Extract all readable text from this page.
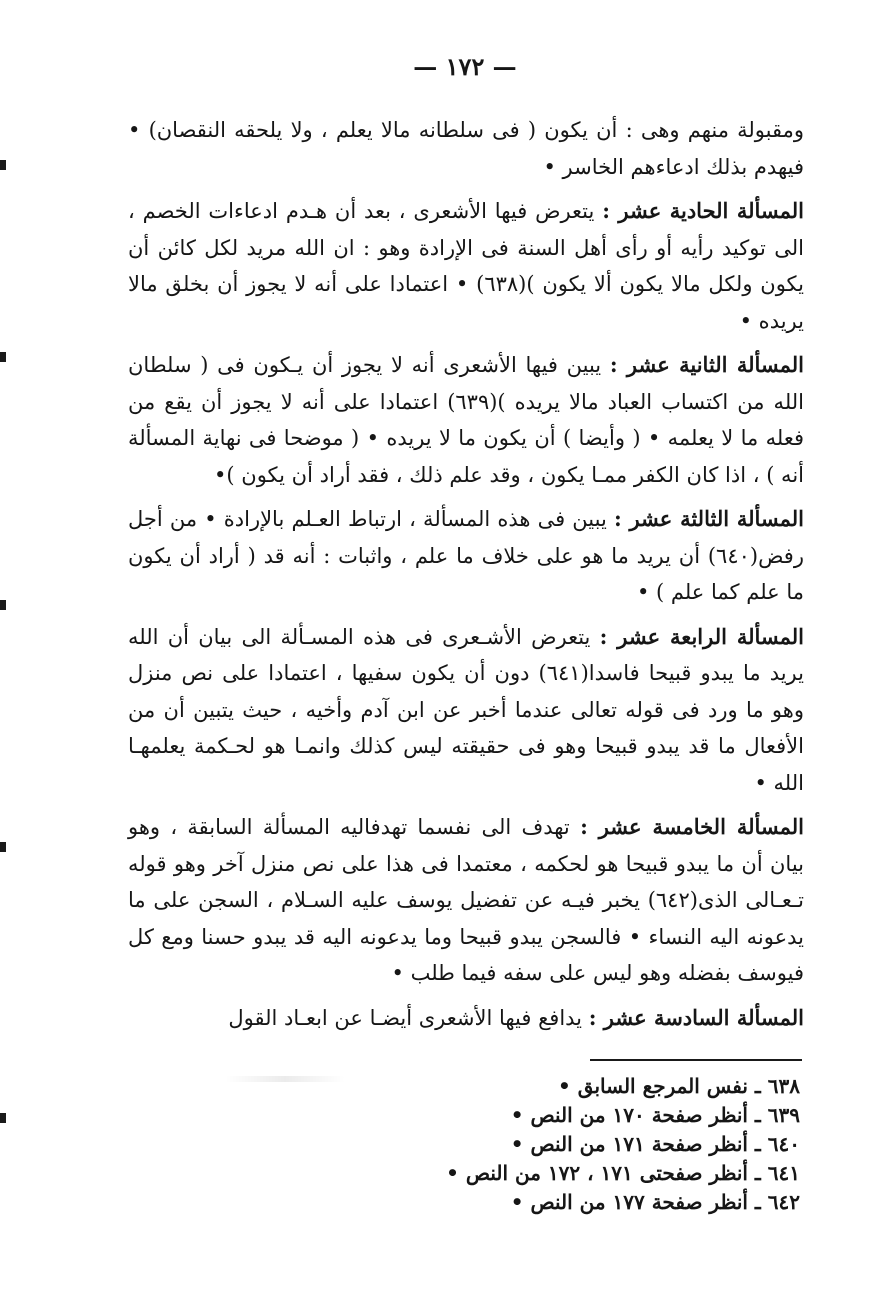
— ١٧٢ —

ومقبولة منهم وهى : أن يكون ( فى سلطانه مالا يعلم ، ولا يلحقه النقصان) • فيهدم بذلك ادعاءهم الخاسر •

المسألة الحادية عشر : يتعرض فيها الأشعرى ، بعد أن هـدم ادعاءات الخصم ، الى توكيد رأيه أو رأى أهل السنة فى الإرادة وهو : ان الله مريد لكل كائن أن يكون ولكل مالا يكون ألا يكون )(٦٣٨) • اعتمادا على أنه لا يجوز أن بخلق مالا يريده •

المسألة الثانية عشر : يبين فيها الأشعرى أنه لا يجوز أن يـكون فى ( سلطان الله من اكتساب العباد مالا يريده )(٦٣٩) اعتمادا على أنه لا يجوز أن يقع من فعله ما لا يعلمه • ( وأيضا ) أن يكون ما لا يريده • ( موضحا فى نهاية المسألة أنه ) ، اذا كان الكفر ممـا يكون ، وقد علم ذلك ، فقد أراد أن يكون )•

المسألة الثالثة عشر : يبين فى هذه المسألة ، ارتباط العـلم بالإرادة • من أجل رفض(٦٤٠) أن يريد ما هو على خلاف ما علم ، واثبات : أنه قد ( أراد أن يكون ما علم كما علم ) •

المسألة الرابعة عشر : يتعرض الأشـعرى فى هذه المسـألة الى بيان أن الله يريد ما يبدو قبيحا فاسدا(٦٤١) دون أن يكون سفيها ، اعتمادا على نص منزل وهو ما ورد فى قوله تعالى عندما أخبر عن ابن آدم وأخيه ، حيث يتبين أن من الأفعال ما قد يبدو قبيحا وهو فى حقيقته ليس كذلك وانمـا هو لحـكمة يعلمهـا الله •

المسألة الخامسة عشر : تهدف الى نفسما تهدفاليه المسألة السابقة ، وهو بيان أن ما يبدو قبيحا هو لحكمه ، معتمدا فى هذا على نص منزل آخر وهو قوله تـعـالى الذى(٦٤٢) يخبر فيـه عن تفضيل يوسف عليه السـلام ، السجن على ما يدعونه اليه النساء • فالسجن يبدو قبيحا وما يدعونه اليه قد يبدو حسنا ومع كل فيوسف بفضله وهو ليس على سفه فيما طلب •

المسألة السادسة عشر : يدافع فيها الأشعرى أيضـا عن ابعـاد القول

٦٣٨ ـ نفس المرجع السابق •
٦٣٩ ـ أنظر صفحة ١٧٠ من النص •
٦٤٠ ـ أنظر صفحة ١٧١ من النص •
٦٤١ ـ أنظر صفحتى ١٧١ ، ١٧٢ من النص •
٦٤٢ ـ أنظر صفحة ١٧٧ من النص •
